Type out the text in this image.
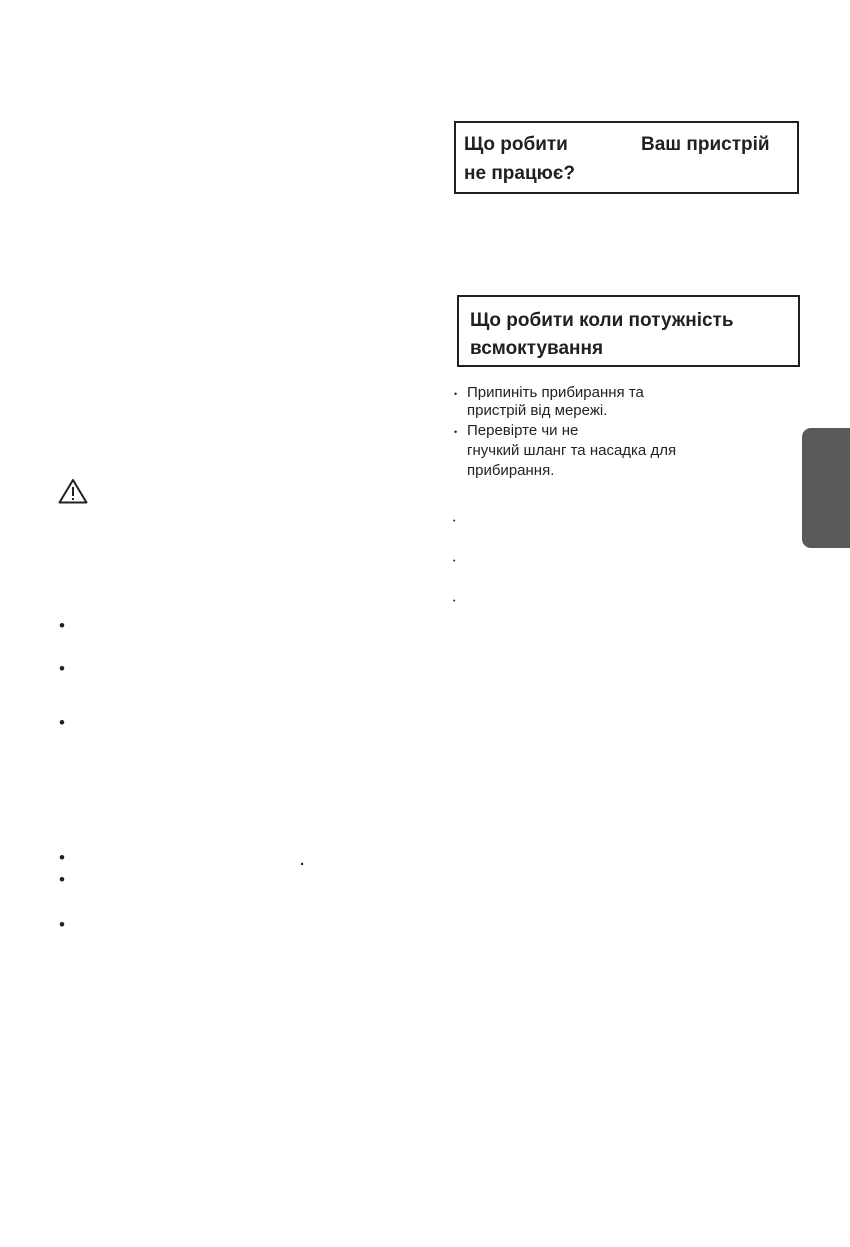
Що робити	Ваш пристрій
не працює?
Що робити коли потужність
всмоктування
• Припиніть прибирання та
пристрій від мережі.
• Перевірте чи не
гнучкий шланг та насадка для
прибирання.
•
•
•
•
•
•
•	.
•
•
